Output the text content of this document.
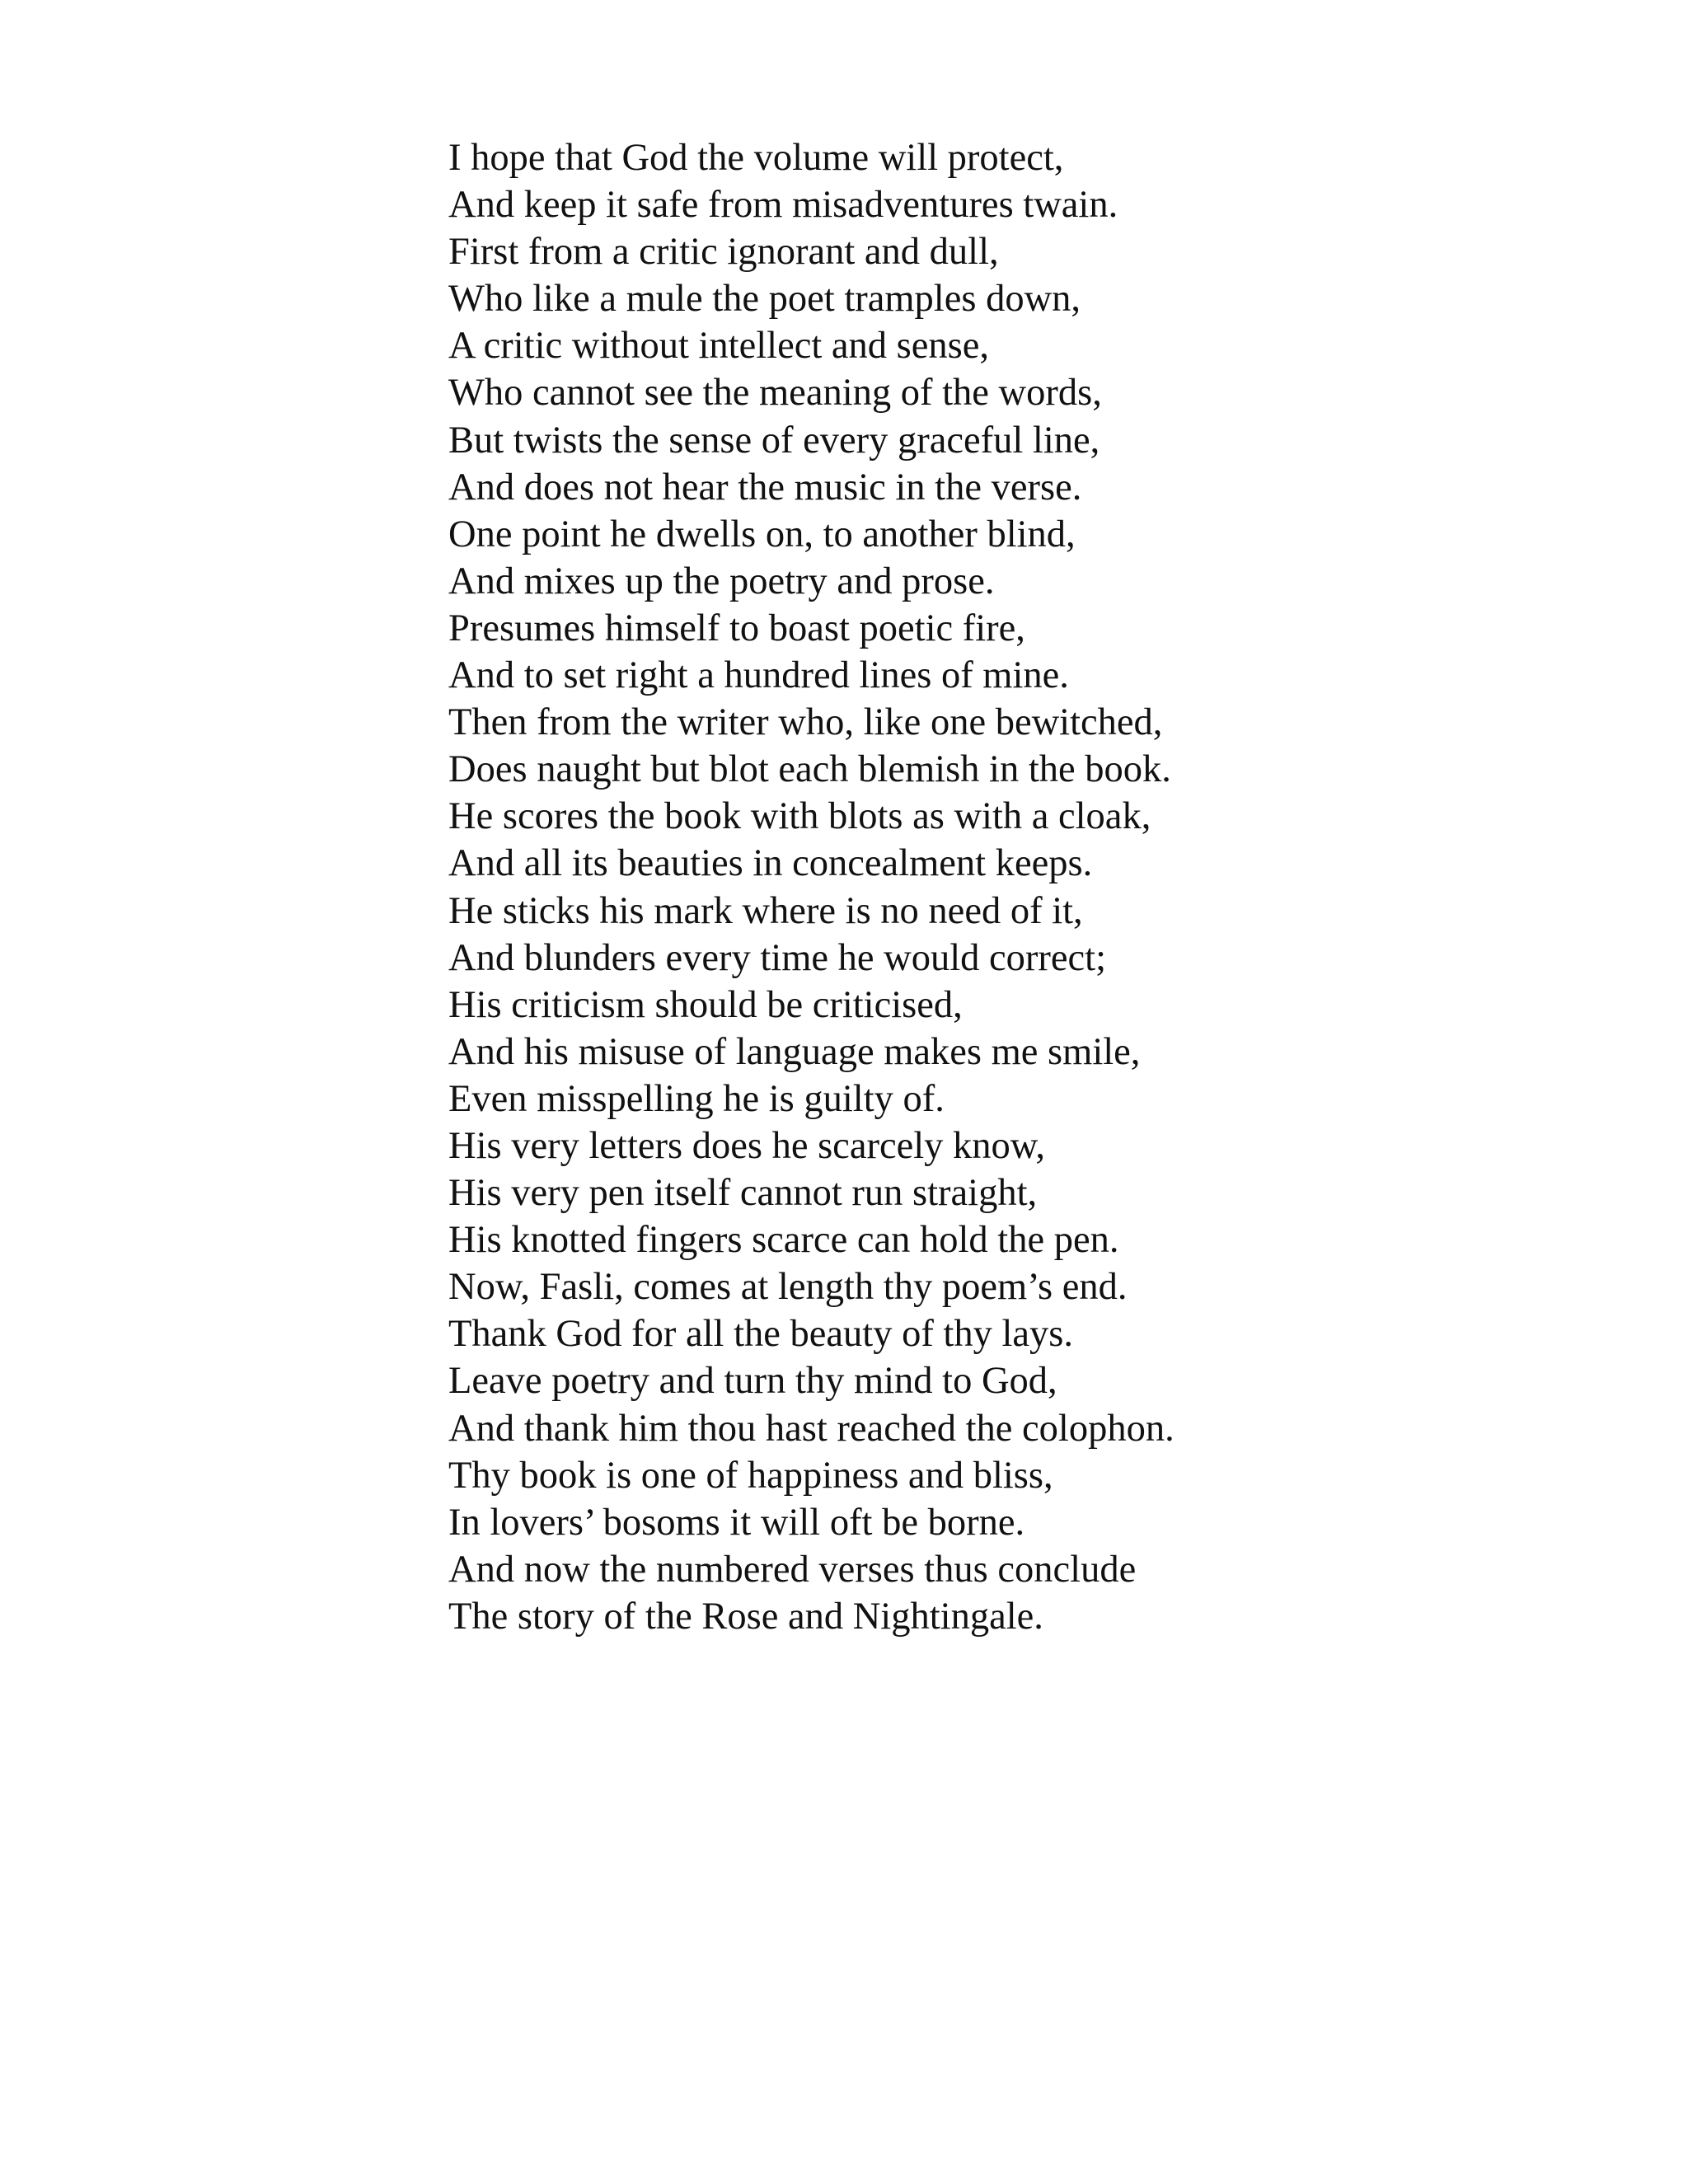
I hope that God the volume will protect,
And keep it safe from misadventures twain.
First from a critic ignorant and dull,
Who like a mule the poet tramples down,
A critic without intellect and sense,
Who cannot see the meaning of the words,
But twists the sense of every graceful line,
And does not hear the music in the verse.
One point he dwells on, to another blind,
And mixes up the poetry and prose.
Presumes himself to boast poetic fire,
And to set right a hundred lines of mine.
Then from the writer who, like one bewitched,
Does naught but blot each blemish in the book.
He scores the book with blots as with a cloak,
And all its beauties in concealment keeps.
He sticks his mark where is no need of it,
And blunders every time he would correct;
His criticism should be criticised,
And his misuse of language makes me smile,
Even misspelling he is guilty of.
His very letters does he scarcely know,
His very pen itself cannot run straight,
His knotted fingers scarce can hold the pen.
Now, Fasli, comes at length thy poem’s end.
Thank God for all the beauty of thy lays.
Leave poetry and turn thy mind to God,
And thank him thou hast reached the colophon.
Thy book is one of happiness and bliss,
In lovers’ bosoms it will oft be borne.
And now the numbered verses thus conclude
The story of the Rose and Nightingale.
